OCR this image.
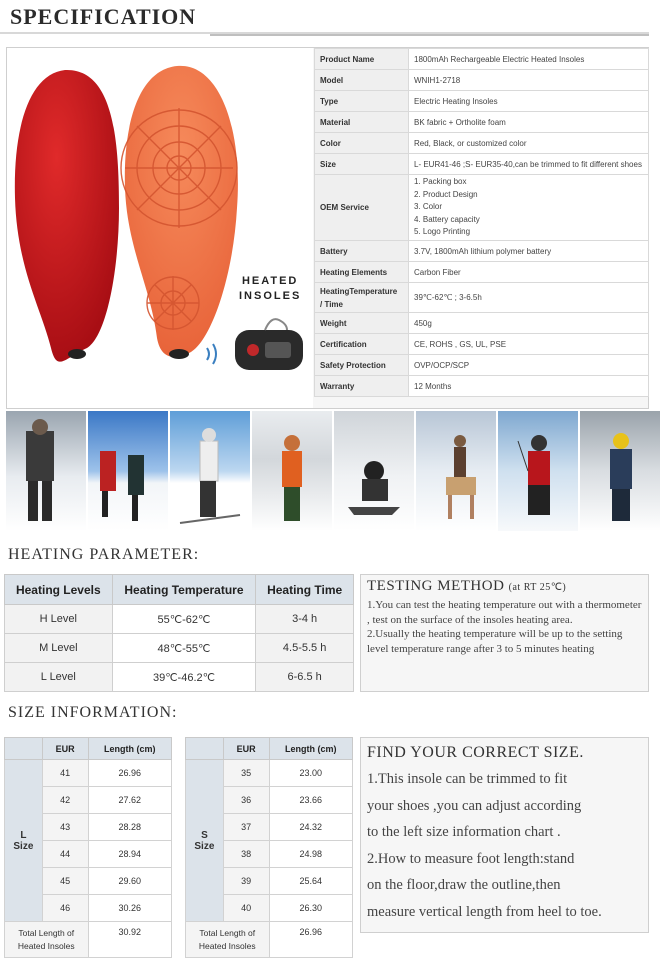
SPECIFICATION
HEATED
INSOLES
Product Name	1800mAh Rechargeable Electric Heated Insoles
Model	WNIH1-2718
Type	Electric Heating Insoles
Material	BK fabric + Ortholite foam
Color	Red, Black, or customized color
Size	L- EUR41-46 ;S- EUR35-40,can be trimmed to fit different shoes
OEM Service	1. Packing box
2. Product Design
3. Color
4. Battery capacity
5. Logo Printing

Battery	3.7V, 1800mAh lithium polymer battery
Heating Elements	Carbon Fiber

HeatingTemperature
/ Time	39℃-62℃ ; 3-6.5h
Weight	450g
Certification	CE, ROHS , GS, UL, PSE
Safety Protection	OVP/OCP/SCP
Warranty	12 Months
HEATING PARAMETER:
Heating Levels	Heating Temperature	Heating Time
H Level	55℃-62℃	3-4 h
M Level	48℃-55℃	4.5-5.5 h
L Level	39℃-46.2℃	6-6.5 h
TESTING METHOD (at RT 25℃)
1.You can test the heating temperature out with a thermometer , test on the surface of the insoles heating area.
2.Usually the heating temperature will be up to the setting level temperature range after 3 to 5 minutes heating
SIZE INFORMATION:
	EUR	Length (cm)

L
Size	41	26.96
	42	27.62
	43	28.28
	44	28.94
	45	29.60
	46	30.26

Total Length of
Heated Insoles		30.92
	EUR	Length (cm)

S
Size	35	23.00
	36	23.66
	37	24.32
	38	24.98
	39	25.64
	40	26.30

Total Length of
Heated Insoles		26.96
FIND YOUR CORRECT SIZE.
1.This insole can be trimmed to fit
your shoes ,you can adjust according
to the left size information chart .
2.How to measure foot length:stand
on the floor,draw the outline,then
measure vertical length from heel to toe.
